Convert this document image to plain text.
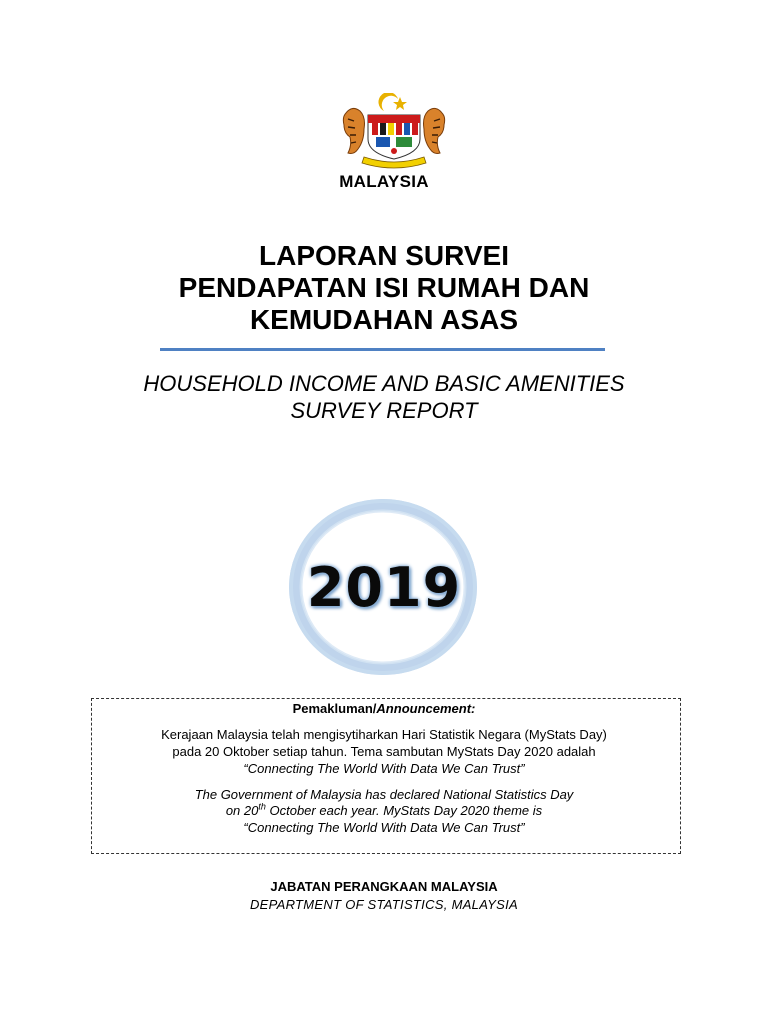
MALAYSIA
LAPORAN SURVEI
PENDAPATAN ISI RUMAH DAN
KEMUDAHAN ASAS
HOUSEHOLD INCOME AND BASIC AMENITIES
SURVEY REPORT
2019
Pemakluman/Announcement:
Kerajaan Malaysia telah mengisytiharkan Hari Statistik Negara (MyStats Day)
pada 20 Oktober setiap tahun. Tema sambutan MyStats Day 2020 adalah
“Connecting The World With Data We Can Trust”
The Government of Malaysia has declared National Statistics Day
on 20th October each year. MyStats Day 2020 theme is
“Connecting The World With Data We Can Trust”
JABATAN PERANGKAAN MALAYSIA
DEPARTMENT OF STATISTICS, MALAYSIA
